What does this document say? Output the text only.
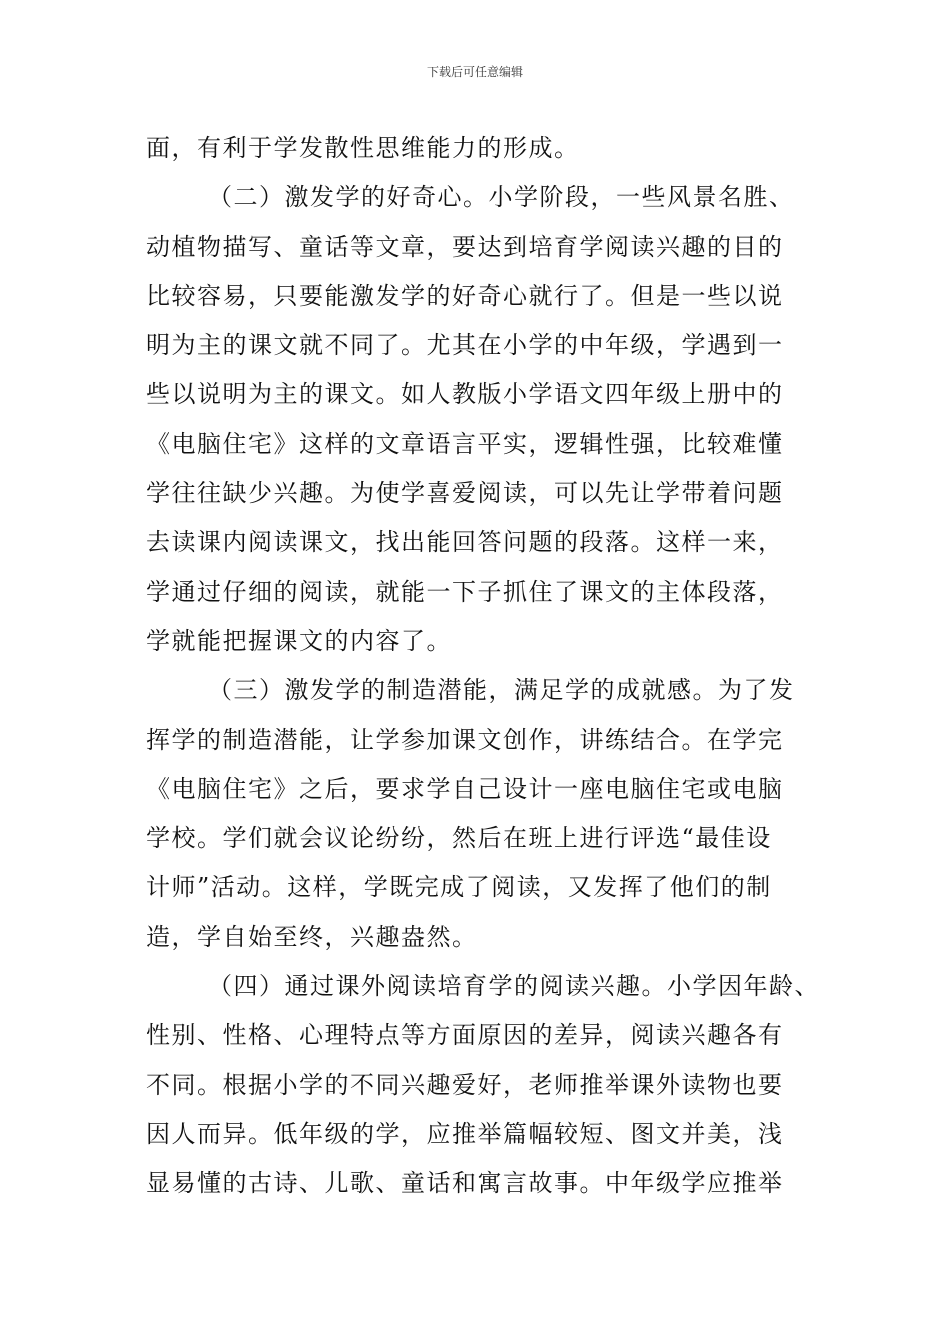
下载后可任意编辑
面，有利于学发散性思维能力的形成。
（二）激发学的好奇心。小学阶段，一些风景名胜、
动植物描写、童话等文章，要达到培育学阅读兴趣的目的
比较容易，只要能激发学的好奇心就行了。但是一些以说
明为主的课文就不同了。尤其在小学的中年级，学遇到一
些以说明为主的课文。如人教版小学语文四年级上册中的
《电脑住宅》这样的文章语言平实，逻辑性强，比较难懂
学往往缺少兴趣。为使学喜爱阅读，可以先让学带着问题
去读课内阅读课文，找出能回答问题的段落。这样一来，
学通过仔细的阅读，就能一下子抓住了课文的主体段落，
学就能把握课文的内容了。
（三）激发学的制造潜能，满足学的成就感。为了发
挥学的制造潜能，让学参加课文创作，讲练结合。在学完
《电脑住宅》之后，要求学自己设计一座电脑住宅或电脑
学校。学们就会议论纷纷，然后在班上进行评选“最佳设
计师”活动。这样，学既完成了阅读，又发挥了他们的制
造，学自始至终，兴趣盎然。
（四）通过课外阅读培育学的阅读兴趣。小学因年龄、
性别、性格、心理特点等方面原因的差异，阅读兴趣各有
不同。根据小学的不同兴趣爱好，老师推举课外读物也要
因人而异。低年级的学，应推举篇幅较短、图文并美，浅
显易懂的古诗、儿歌、童话和寓言故事。中年级学应推举
